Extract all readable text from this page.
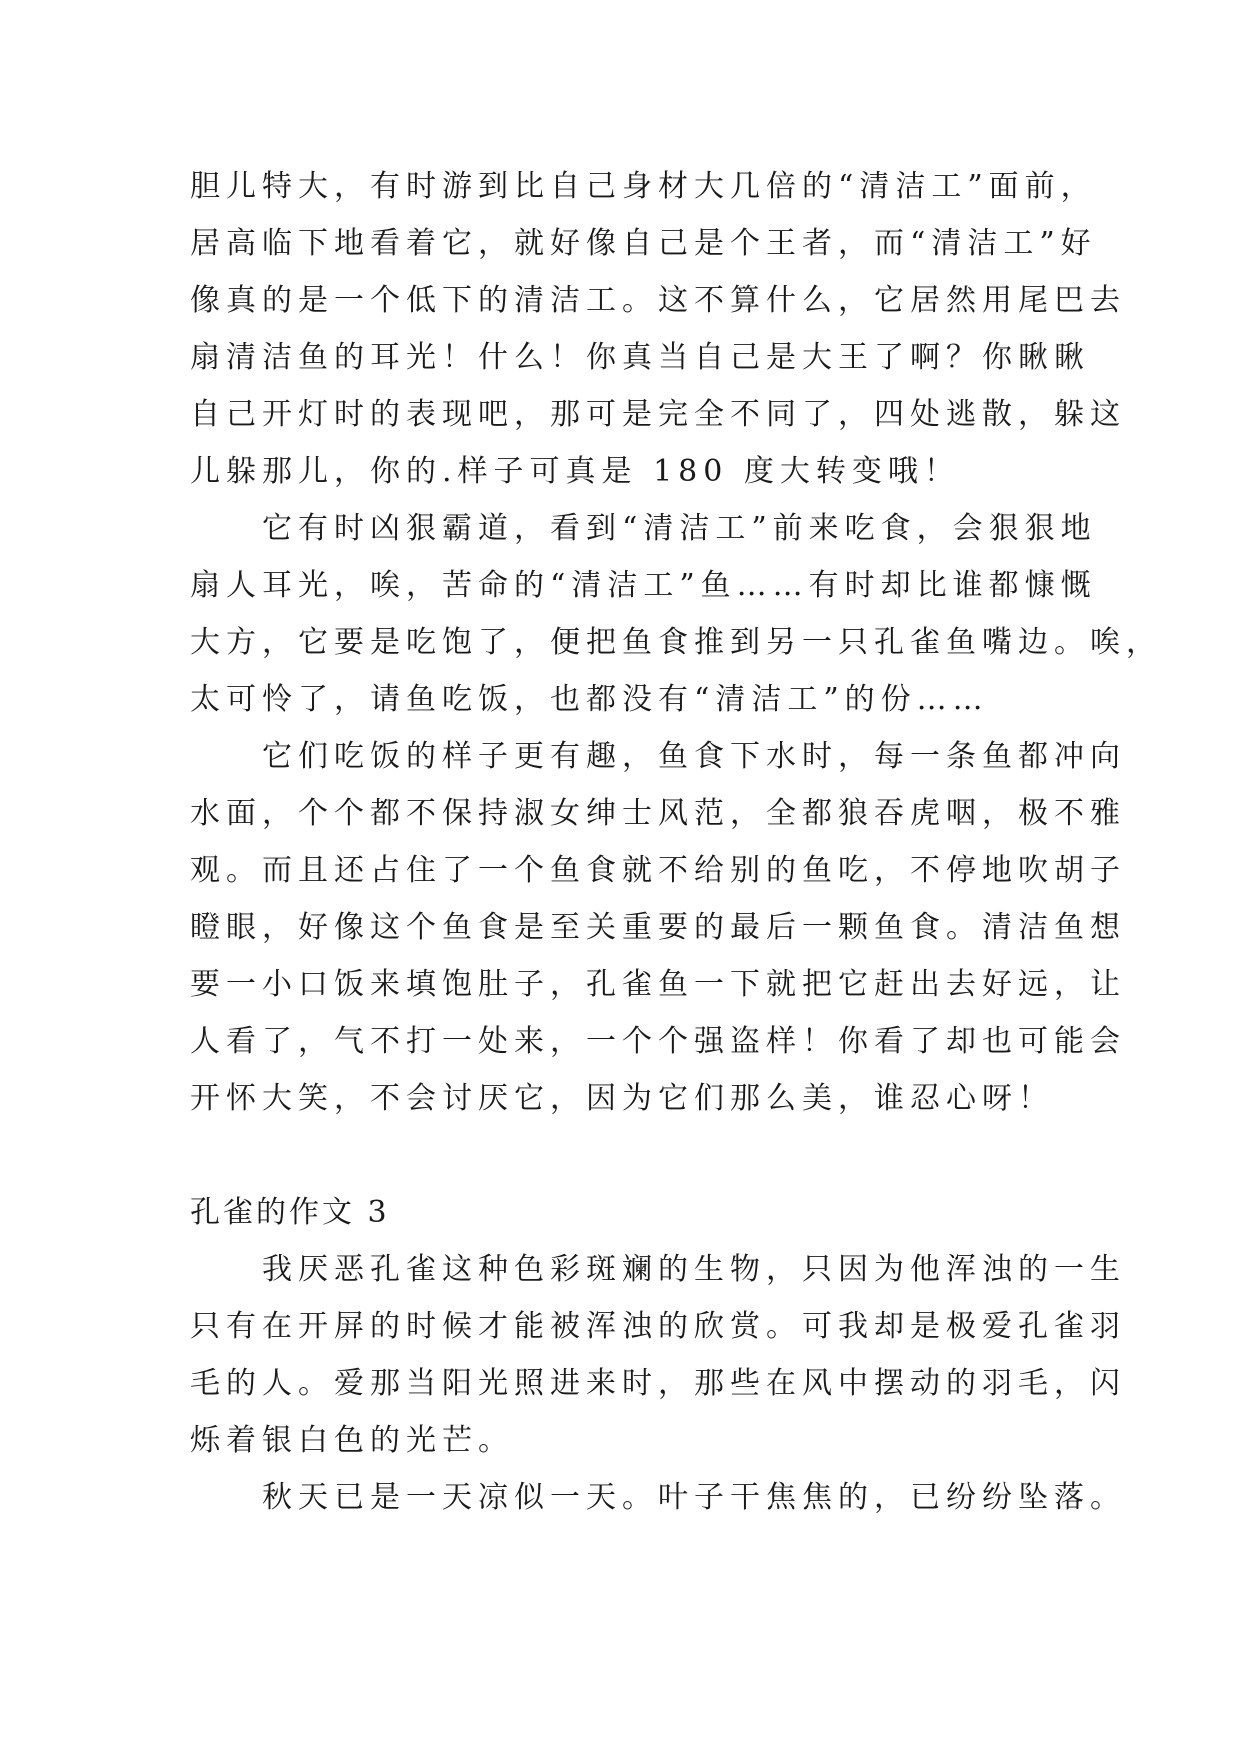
胆儿特大，有时游到比自己身材大几倍的“清洁工”面前，
居高临下地看着它，就好像自己是个王者，而“清洁工”好
像真的是一个低下的清洁工。这不算什么，它居然用尾巴去
扇清洁鱼的耳光！什么！你真当自己是大王了啊？你瞅瞅
自己开灯时的表现吧，那可是完全不同了，四处逃散，躲这
儿躲那儿，你的.样子可真是 180 度大转变哦！
它有时凶狠霸道，看到“清洁工”前来吃食，会狠狠地
扇人耳光，唉，苦命的“清洁工”鱼……有时却比谁都慷慨
大方，它要是吃饱了，便把鱼食推到另一只孔雀鱼嘴边。唉，
太可怜了，请鱼吃饭，也都没有“清洁工”的份……
它们吃饭的样子更有趣，鱼食下水时，每一条鱼都冲向
水面，个个都不保持淑女绅士风范，全都狼吞虎咽，极不雅
观。而且还占住了一个鱼食就不给别的鱼吃，不停地吹胡子
瞪眼，好像这个鱼食是至关重要的最后一颗鱼食。清洁鱼想
要一小口饭来填饱肚子，孔雀鱼一下就把它赶出去好远，让
人看了，气不打一处来，一个个强盗样！你看了却也可能会
开怀大笑，不会讨厌它，因为它们那么美，谁忍心呀！
孔雀的作文 3
我厌恶孔雀这种色彩斑斓的生物，只因为他浑浊的一生
只有在开屏的时候才能被浑浊的欣赏。可我却是极爱孔雀羽
毛的人。爱那当阳光照进来时，那些在风中摆动的羽毛，闪
烁着银白色的光芒。
秋天已是一天凉似一天。叶子干焦焦的，已纷纷坠落。
